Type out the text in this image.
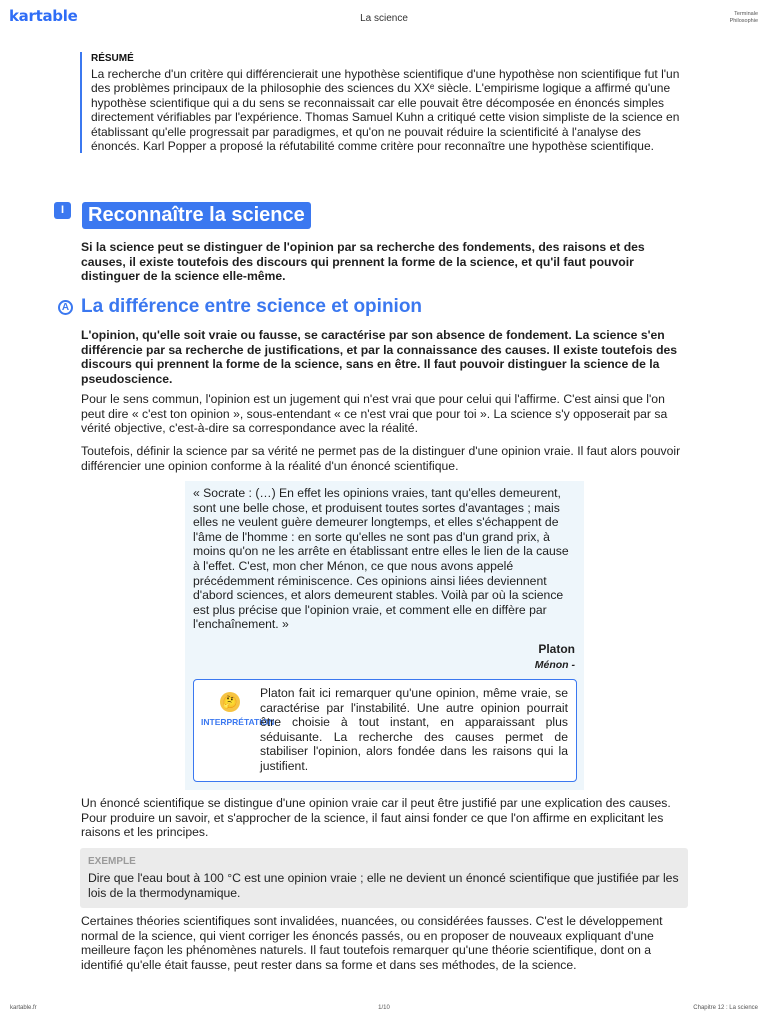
kartable	La science	Terminale
Philosophie
RÉSUMÉ
La recherche d'un critère qui différencierait une hypothèse scientifique d'une hypothèse non scientifique fut l'un des problèmes principaux de la philosophie des sciences du XXᵉ siècle. L'empirisme logique a affirmé qu'une hypothèse scientifique qui a du sens se reconnaissait car elle pouvait être décomposée en énoncés simples directement vérifiables par l'expérience. Thomas Samuel Kuhn a critiqué cette vision simpliste de la science en établissant qu'elle progressait par paradigmes, et qu'on ne pouvait réduire la scientificité à l'analyse des énoncés. Karl Popper a proposé la réfutabilité comme critère pour reconnaître une hypothèse scientifique.
I	Reconnaître la science
Si la science peut se distinguer de l'opinion par sa recherche des fondements, des raisons et des causes, il existe toutefois des discours qui prennent la forme de la science, et qu'il faut pouvoir distinguer de la science elle-même.
A La différence entre science et opinion
L'opinion, qu'elle soit vraie ou fausse, se caractérise par son absence de fondement. La science s'en différencie par sa recherche de justifications, et par la connaissance des causes. Il existe toutefois des discours qui prennent la forme de la science, sans en être. Il faut pouvoir distinguer la science de la pseudoscience.
Pour le sens commun, l'opinion est un jugement qui n'est vrai que pour celui qui l'affirme. C'est ainsi que l'on peut dire « c'est ton opinion », sous-entendant « ce n'est vrai que pour toi ». La science s'y opposerait par sa vérité objective, c'est-à-dire sa correspondance avec la réalité.
Toutefois, définir la science par sa vérité ne permet pas de la distinguer d'une opinion vraie. Il faut alors pouvoir différencier une opinion conforme à la réalité d'un énoncé scientifique.
« Socrate : (…) En effet les opinions vraies, tant qu'elles demeurent, sont une belle chose, et produisent toutes sortes d'avantages ; mais elles ne veulent guère demeurer longtemps, et elles s'échappent de l'âme de l'homme : en sorte qu'elles ne sont pas d'un grand prix, à moins qu'on ne les arrête en établissant entre elles le lien de la cause à l'effet. C'est, mon cher Ménon, ce que nous avons appelé précédemment réminiscence. Ces opinions ainsi liées deviennent d'abord sciences, et alors demeurent stables. Voilà par où la science est plus précise que l'opinion vraie, et comment elle en diffère par l'enchaînement. »
Platon
Ménon -
🤔
INTERPRÉTATION
Platon fait ici remarquer qu'une opinion, même vraie, se caractérise par l'instabilité. Une autre opinion pourrait être choisie à tout instant, en apparaissant plus séduisante. La recherche des causes permet de stabiliser l'opinion, alors fondée dans les raisons qui la justifient.
Un énoncé scientifique se distingue d'une opinion vraie car il peut être justifié par une explication des causes. Pour produire un savoir, et s'approcher de la science, il faut ainsi fonder ce que l'on affirme en explicitant les raisons et les principes.
EXEMPLE
Dire que l'eau bout à 100 °C est une opinion vraie ; elle ne devient un énoncé scientifique que justifiée par les lois de la thermodynamique.
Certaines théories scientifiques sont invalidées, nuancées, ou considérées fausses. C'est le développement normal de la science, qui vient corriger les énoncés passés, ou en proposer de nouveaux expliquant d'une meilleure façon les phénomènes naturels. Il faut toutefois remarquer qu'une théorie scientifique, dont on a identifié qu'elle était fausse, peut rester dans sa forme et dans ses méthodes, de la science.
kartable.fr	1/10	Chapitre 12 : La science
